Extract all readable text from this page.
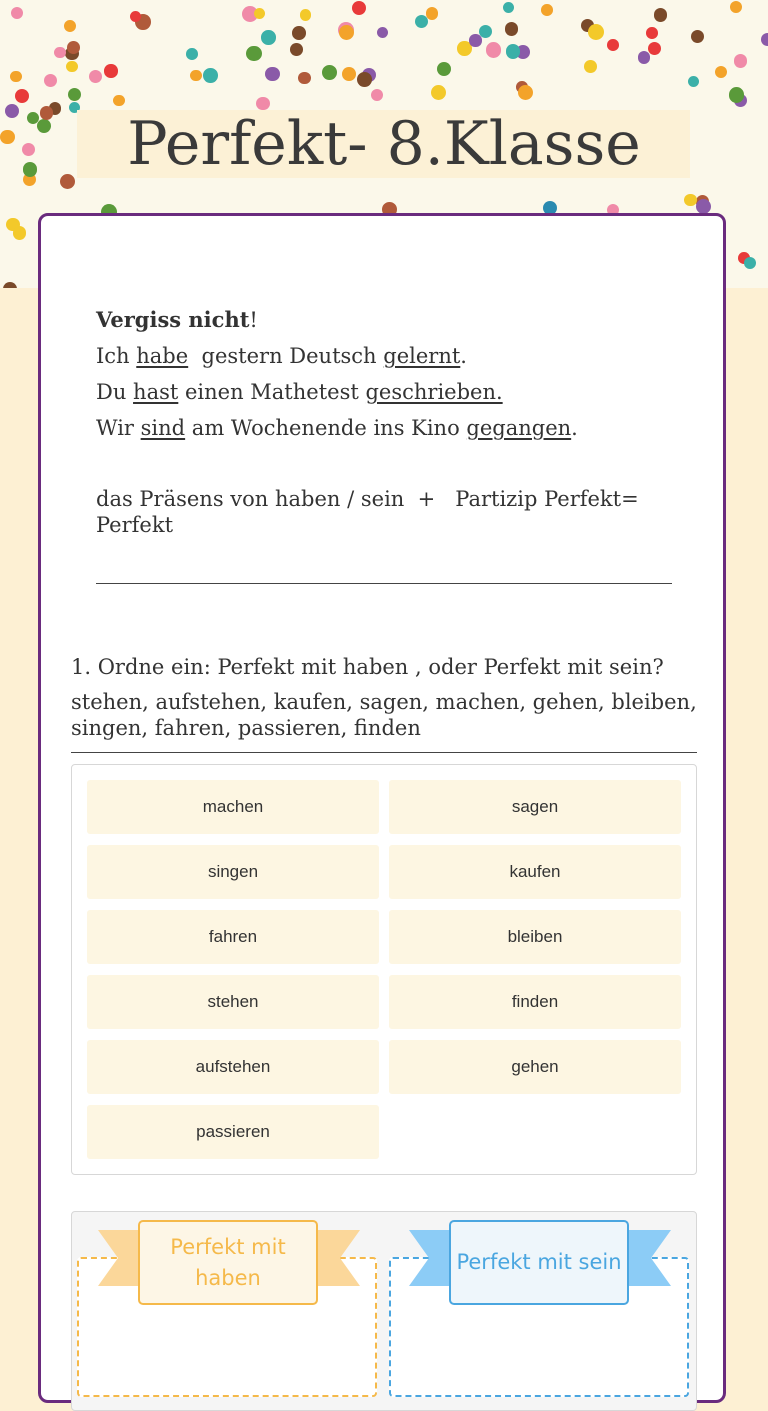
Perfekt- 8.Klasse
Vergiss nicht!
Ich habe  gestern Deutsch gelernt.
Du hast einen Mathetest geschrieben.
Wir sind am Wochenende ins Kino gegangen.
das Präsens von haben / sein  +   Partizip Perfekt= Perfekt
1. Ordne ein: Perfekt mit haben , oder Perfekt mit sein?
stehen, aufstehen, kaufen, sagen, machen, gehen, bleiben, singen, fahren, passieren, finden
machen	sagen
singen	kaufen
fahren	bleiben
stehen	finden
aufstehen	gehen
passieren
Perfekt mit haben
Perfekt mit sein
